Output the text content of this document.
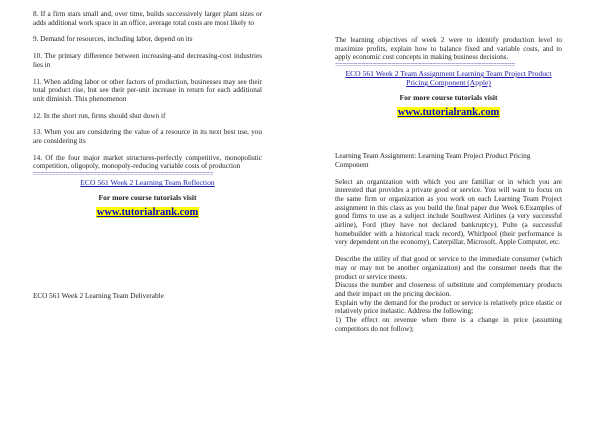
8. If a firm stars small and, over time, builds successively larger plant sizes or adds additional work space in an office, average total costs are most likely to

9. Demand for resources, including labor, depend on its

10. The primary difference between increasing-and decreasing-cost industries lies in

11. When adding labor or other factors of production, businesses may see their total product rise, but see their per-unit increase in return for each additional unit diminish. This phenomenon

12. In the short run, firms should shut down if

13. When you are considering the value of a resource in its next best use, you are considering its

14. Of the four major market structures-perfectly competitive, monopolistic competition, oligopoly, monopoly-reducing variable costs of production

================================================
ECO 561 Week 2 Learning Team Reflection
For more course tutorials visit
www.tutorialrank.com

ECO 561 Week 2 Learning Team Deliverable

The learning objectives of week 2 were to identify production level to maximize profits, explain how to balance fixed and variable costs, and to apply economic cost concepts in making business decisions.

================================================
ECO 561 Week 2 Team Assignment Learning Team Project Product Pricing Component (Apple)
For more course tutorials visit
www.tutorialrank.com

Learning Team Assignment: Learning Team Project Product Pricing Component

Select an organization with which you are familiar or in which you are interested that provides a private good or service. You will want to focus on the same firm or organization as you work on each Learning Team Project assignment in this class as you build the final paper due Week 6.Examples of good firms to use as a subject include Southwest Airlines (a very successful airline), Ford (they have not declared bankruptcy), Pulte (a successful homebuilder with a historical track record), Whirlpool (their performance is very dependent on the economy), Caterpillar, Microsoft, Apple Computer, etc.

Describe the utility of that good or service to the immediate consumer (which may or may not be another organization) and the consumer needs that the product or service meets.

Discuss the number and closeness of substitute and complementary products and their impact on the pricing decision.

Explain why the demand for the product or service is relatively price elastic or relatively price inelastic. Address the following;

1) The effect on revenue when there is a change in price (assuming competitors do not follow);
